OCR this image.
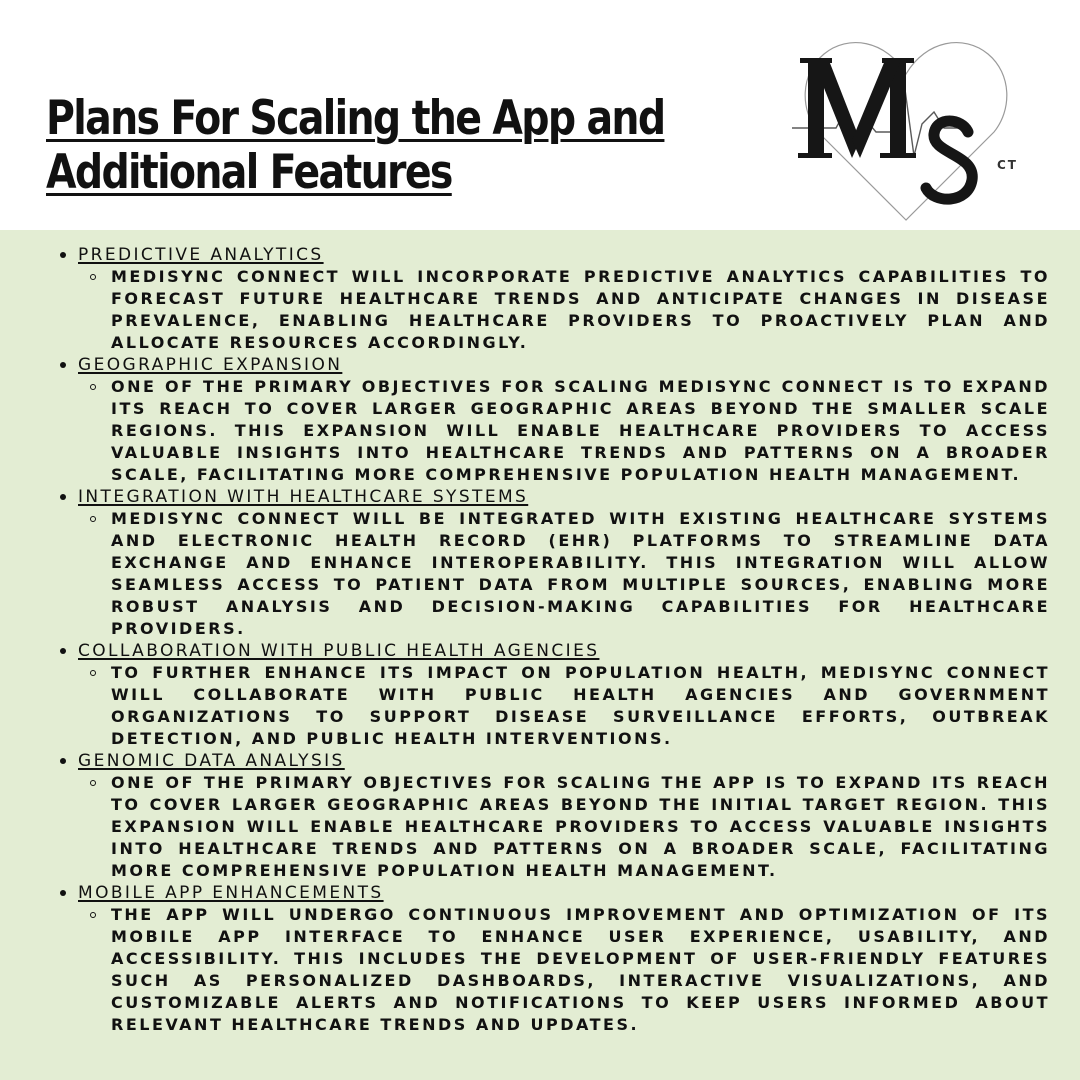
Plans For Scaling the App and
Additional Features	CT
PREDICTIVE ANALYTICS

MEDISYNC CONNECT WILL INCORPORATE PREDICTIVE ANALYTICS CAPABILITIES TO FORECAST FUTURE HEALTHCARE TRENDS AND ANTICIPATE CHANGES IN DISEASE PREVALENCE, ENABLING HEALTHCARE PROVIDERS TO PROACTIVELY PLAN AND ALLOCATE RESOURCES ACCORDINGLY.

GEOGRAPHIC EXPANSION

ONE OF THE PRIMARY OBJECTIVES FOR SCALING MEDISYNC CONNECT IS TO EXPAND ITS REACH TO COVER LARGER GEOGRAPHIC AREAS BEYOND THE SMALLER SCALE REGIONS. THIS EXPANSION WILL ENABLE HEALTHCARE PROVIDERS TO ACCESS VALUABLE INSIGHTS INTO HEALTHCARE TRENDS AND PATTERNS ON A BROADER SCALE, FACILITATING MORE COMPREHENSIVE POPULATION HEALTH MANAGEMENT.

INTEGRATION WITH HEALTHCARE SYSTEMS

MEDISYNC CONNECT WILL BE INTEGRATED WITH EXISTING HEALTHCARE SYSTEMS AND ELECTRONIC HEALTH RECORD (EHR) PLATFORMS TO STREAMLINE DATA EXCHANGE AND ENHANCE INTEROPERABILITY. THIS INTEGRATION WILL ALLOW SEAMLESS ACCESS TO PATIENT DATA FROM MULTIPLE SOURCES, ENABLING MORE ROBUST ANALYSIS AND DECISION-MAKING CAPABILITIES FOR HEALTHCARE PROVIDERS.

COLLABORATION WITH PUBLIC HEALTH AGENCIES

TO FURTHER ENHANCE ITS IMPACT ON POPULATION HEALTH, MEDISYNC CONNECT WILL COLLABORATE WITH PUBLIC HEALTH AGENCIES AND GOVERNMENT ORGANIZATIONS TO SUPPORT DISEASE SURVEILLANCE EFFORTS, OUTBREAK DETECTION, AND PUBLIC HEALTH INTERVENTIONS.

GENOMIC DATA ANALYSIS

ONE OF THE PRIMARY OBJECTIVES FOR SCALING THE APP IS TO EXPAND ITS REACH TO COVER LARGER GEOGRAPHIC AREAS BEYOND THE INITIAL TARGET REGION. THIS EXPANSION WILL ENABLE HEALTHCARE PROVIDERS TO ACCESS VALUABLE INSIGHTS INTO HEALTHCARE TRENDS AND PATTERNS ON A BROADER SCALE, FACILITATING MORE COMPREHENSIVE POPULATION HEALTH MANAGEMENT.

MOBILE APP ENHANCEMENTS

THE APP WILL UNDERGO CONTINUOUS IMPROVEMENT AND OPTIMIZATION OF ITS MOBILE APP INTERFACE TO ENHANCE USER EXPERIENCE, USABILITY, AND ACCESSIBILITY. THIS INCLUDES THE DEVELOPMENT OF USER-FRIENDLY FEATURES SUCH AS PERSONALIZED DASHBOARDS, INTERACTIVE VISUALIZATIONS, AND CUSTOMIZABLE ALERTS AND NOTIFICATIONS TO KEEP USERS INFORMED ABOUT RELEVANT HEALTHCARE TRENDS AND UPDATES.
